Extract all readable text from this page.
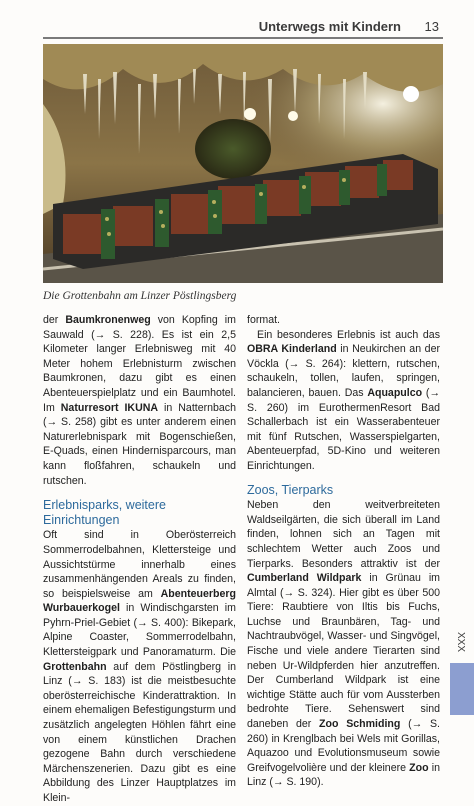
Unterwegs mit Kindern 13
Die Grottenbahn am Linzer Pöstlingsberg

der Baumkronenweg von Kopfing im Sauwald (→ S. 228). Es ist ein 2,5 Kilometer langer Erlebnisweg mit 40 Meter hohem Erlebnisturm zwischen Baumkronen, dazu gibt es einen Abenteuerspielplatz und ein Baumhotel. Im Naturresort IKUNA in Natternbach (→ S. 258) gibt es unter anderem einen Naturerlebnispark mit Bogenschießen, E-Quads, einen Hindernisparcours, man kann floßfahren, schaukeln und rutschen.

Erlebnisparks, weitere Einrichtungen

Oft sind in Oberösterreich Sommerrodelbahnen, Klettersteige und Aussichtstürme innerhalb eines zusammenhängenden Areals zu finden, so beispielsweise am Abenteuerberg Wurbauerkogel in Windischgarsten im Pyhrn-Priel-Gebiet (→ S. 400): Bikepark, Alpine Coaster, Sommerrodelbahn, Klettersteigpark und Panoramaturm. Die Grottenbahn auf dem Pöstlingberg in Linz (→ S. 183) ist die meistbesuchte oberösterreichische Kinderattraktion. In einem ehemaligen Befestigungsturm und zusätzlich angelegten Höhlen fährt eine von einem künstlichen Drachen gezogene Bahn durch verschiedene Märchenszenerien. Dazu gibt es eine Abbildung des Linzer Hauptplatzes im Klein-

format.

Ein besonderes Erlebnis ist auch das OBRA Kinderland in Neukirchen an der Vöckla (→ S. 264): klettern, rutschen, schaukeln, tollen, laufen, springen, balancieren, bauen. Das Aquapulco (→ S. 260) im EurothermenResort Bad Schallerbach ist ein Wasserabenteuer mit fünf Rutschen, Wasserspielgarten, Abenteuerpfad, 5D-Kino und weiteren Einrichtungen.

Zoos, Tierparks

Neben den weitverbreiteten Waldseilgärten, die sich überall im Land finden, lohnen sich an Tagen mit schlechtem Wetter auch Zoos und Tierparks. Besonders attraktiv ist der Cumberland Wildpark in Grünau im Almtal (→ S. 324). Hier gibt es über 500 Tiere: Raubtiere von Iltis bis Fuchs, Luchse und Braunbären, Tag- und Nachtraubvögel, Wasser- und Singvögel, Fische und viele andere Tierarten sind neben Ur-Wildpferden hier anzutreffen. Der Cumberland Wildpark ist eine wichtige Stätte auch für vom Aussterben bedrohte Tiere. Sehenswert sind daneben der Zoo Schmiding (→ S. 260) in Krenglbach bei Wels mit Gorillas, Aquazoo und Evolutionsmuseum sowie Greifvogelvolière und der kleinere Zoo in Linz (→ S. 190).

XXX
